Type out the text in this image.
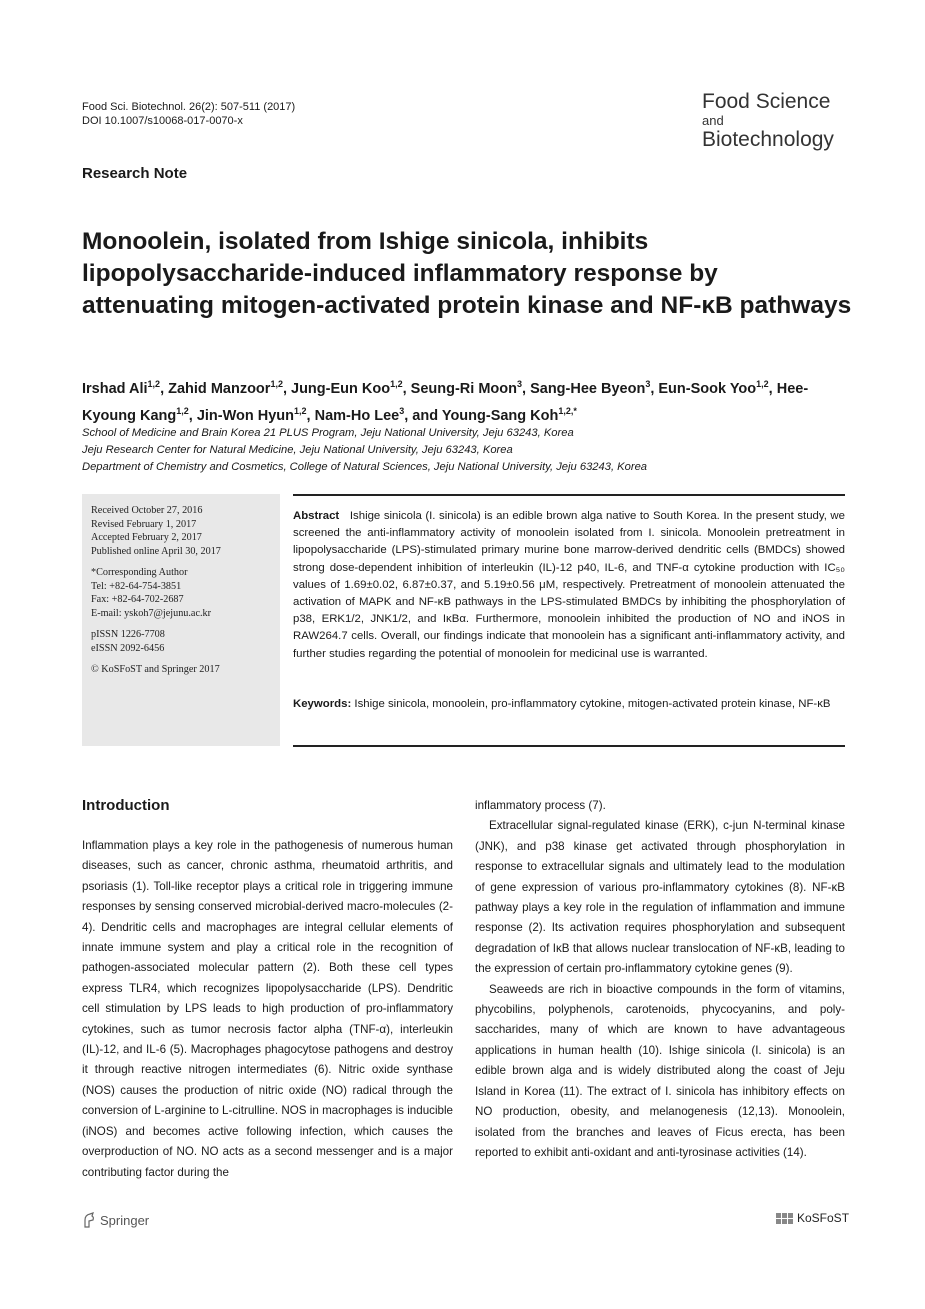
Food Sci. Biotechnol. 26(2): 507-511 (2017)
DOI 10.1007/s10068-017-0070-x
Food Science
and
Biotechnology
Research Note
Monoolein, isolated from Ishige sinicola, inhibits lipopolysaccharide-induced inflammatory response by attenuating mitogen-activated protein kinase and NF-κB pathways
Irshad Ali$^{1,2}$, Zahid Manzoor$^{1,2}$, Jung-Eun Koo$^{1,2}$, Seung-Ri Moon$^3$, Sang-Hee Byeon$^3$, Eun-Sook Yoo$^{1,2}$, Hee-Kyoung Kang$^{1,2}$, Jin-Won Hyun$^{1,2}$, Nam-Ho Lee$^3$, and Young-Sang Koh$^{1,2,*}$
School of Medicine and Brain Korea 21 PLUS Program, Jeju National University, Jeju 63243, Korea
Jeju Research Center for Natural Medicine, Jeju National University, Jeju 63243, Korea
Department of Chemistry and Cosmetics, College of Natural Sciences, Jeju National University, Jeju 63243, Korea

Received October 27, 2016

Revised February 1, 2017

Accepted February 2, 2017

Published online April 30, 2017

*Corresponding Author

Tel: +82-64-754-3851

Fax: +82-64-702-2687

E-mail: yskoh7@jejunu.ac.kr

pISSN 1226-7708

eISSN 2092-6456

© KoSFoST and Springer 2017

Abstract Ishige sinicola (I. sinicola) is an edible brown alga native to South Korea. In the present study, we screened the anti-inflammatory activity of monoolein isolated from I. sinicola. Monoolein pretreatment in lipopolysaccharide (LPS)-stimulated primary murine bone marrow-derived dendritic cells (BMDCs) showed strong dose-dependent inhibition of interleukin (IL)-12 p40, IL-6, and TNF-α cytokine production with IC₅₀ values of 1.69±0.02, 6.87±0.37, and 5.19±0.56 μM, respectively. Pretreatment of monoolein attenuated the activation of MAPK and NF-κB pathways in the LPS-stimulated BMDCs by inhibiting the phosphorylation of p38, ERK1/2, JNK1/2, and IκBα. Furthermore, monoolein inhibited the production of NO and iNOS in RAW264.7 cells. Overall, our findings indicate that monoolein has a significant anti-inflammatory activity, and further studies regarding the potential of monoolein for medicinal use is warranted.
Keywords: Ishige sinicola, monoolein, pro-inflammatory cytokine, mitogen-activated protein kinase, NF-κB
Introduction

Inflammation plays a key role in the pathogenesis of numerous human diseases, such as cancer, chronic asthma, rheumatoid arthritis, and psoriasis (1). Toll-like receptor plays a critical role in triggering immune responses by sensing conserved microbial-derived macro-molecules (2-4). Dendritic cells and macrophages are integral cellular elements of innate immune system and play a critical role in the recognition of pathogen-associated molecular pattern (2). Both these cell types express TLR4, which recognizes lipopolysaccharide (LPS). Dendritic cell stimulation by LPS leads to high production of pro-inflammatory cytokines, such as tumor necrosis factor alpha (TNF-α), interleukin (IL)-12, and IL-6 (5). Macrophages phagocytose pathogens and destroy it through reactive nitrogen intermediates (6). Nitric oxide synthase (NOS) causes the production of nitric oxide (NO) radical through the conversion of L-arginine to L-citrulline. NOS in macrophages is inducible (iNOS) and becomes active following infection, which causes the overproduction of NO. NO acts as a second messenger and is a major contributing factor during the

inflammatory process (7).

Extracellular signal-regulated kinase (ERK), c-jun N-terminal kinase (JNK), and p38 kinase get activated through phosphorylation in response to extracellular signals and ultimately lead to the modulation of gene expression of various pro-inflammatory cytokines (8). NF-κB pathway plays a key role in the regulation of inflammation and immune response (2). Its activation requires phosphorylation and subsequent degradation of IκB that allows nuclear translocation of NF-κB, leading to the expression of certain pro-inflammatory cytokine genes (9).

Seaweeds are rich in bioactive compounds in the form of vitamins, phycobilins, polyphenols, carotenoids, phycocyanins, and poly-saccharides, many of which are known to have advantageous applications in human health (10). Ishige sinicola (I. sinicola) is an edible brown alga and is widely distributed along the coast of Jeju Island in Korea (11). The extract of I. sinicola has inhibitory effects on NO production, obesity, and melanogenesis (12,13). Monoolein, isolated from the branches and leaves of Ficus erecta, has been reported to exhibit anti-oxidant and anti-tyrosinase activities (14).

Springer	KoSFoST
